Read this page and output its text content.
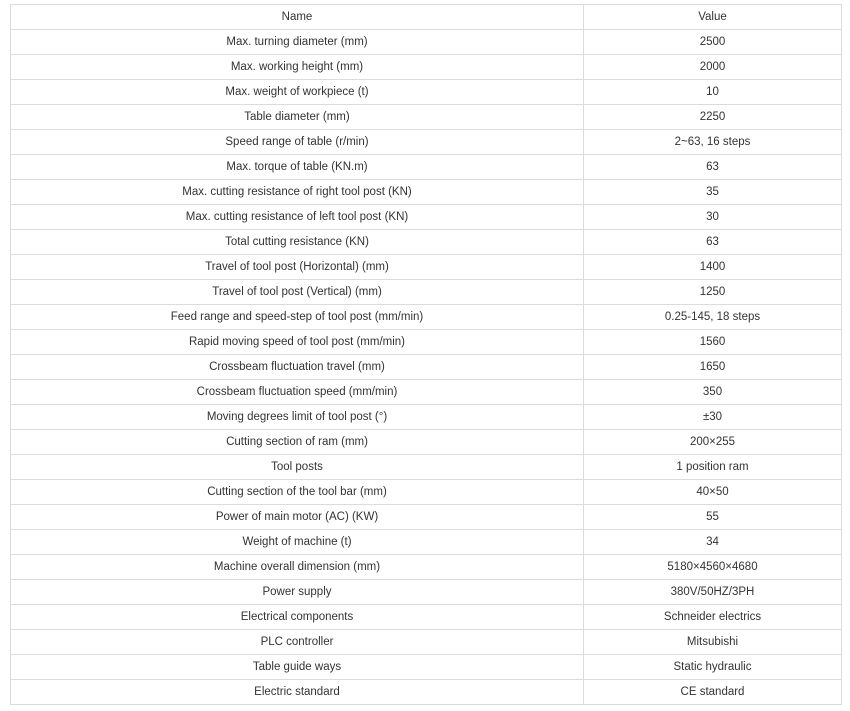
Name	Value
Max. turning diameter (mm)	2500
Max. working height (mm)	2000
Max. weight of workpiece (t)	10
Table diameter (mm)	2250
Speed range of table (r/min)	2~63, 16 steps
Max. torque of table (KN.m)	63
Max. cutting resistance of right tool post (KN)	35
Max. cutting resistance of left tool post (KN)	30
Total cutting resistance (KN)	63
Travel of tool post (Horizontal) (mm)	1400
Travel of tool post (Vertical) (mm)	1250
Feed range and speed-step of tool post (mm/min)	0.25-145, 18 steps
Rapid moving speed of tool post (mm/min)	1560
Crossbeam fluctuation travel (mm)	1650
Crossbeam fluctuation speed (mm/min)	350
Moving degrees limit of tool post (°)	±30
Cutting section of ram (mm)	200×255
Tool posts	1 position ram
Cutting section of the tool bar (mm)	40×50
Power of main motor (AC) (KW)	55
Weight of machine (t)	34
Machine overall dimension (mm)	5180×4560×4680
Power supply	380V/50HZ/3PH
Electrical components	Schneider electrics
PLC controller	Mitsubishi
Table guide ways	Static hydraulic
Electric standard	CE standard
